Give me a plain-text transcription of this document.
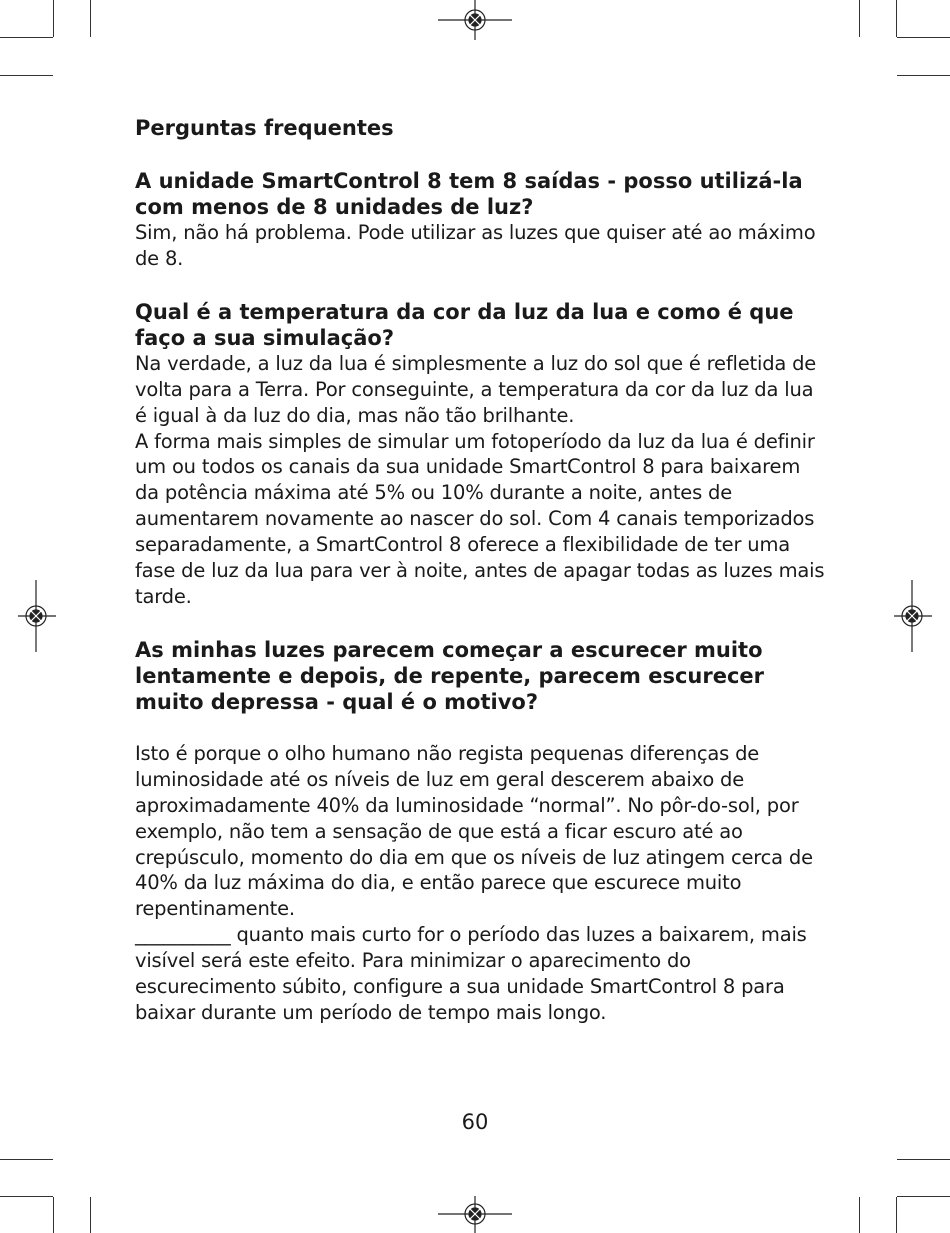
Perguntas frequentes
A unidade SmartControl 8 tem 8 saídas - posso utilizá-la com menos de 8 unidades de luz?

Sim, não há problema. Pode utilizar as luzes que quiser até ao máximo de 8.

Qual é a temperatura da cor da luz da lua e como é que faço a sua simulação?

Na verdade, a luz da lua é simplesmente a luz do sol que é refletida de volta para a Terra. Por conseguinte, a temperatura da cor da luz da lua é igual à da luz do dia, mas não tão brilhante.

A forma mais simples de simular um fotoperíodo da luz da lua é definir um ou todos os canais da sua unidade SmartControl 8 para baixarem da potência máxima até 5% ou 10% durante a noite, antes de aumentarem novamente ao nascer do sol. Com 4 canais temporizados separadamente, a SmartControl 8 oferece a flexibilidade de ter uma fase de luz da lua para ver à noite, antes de apagar todas as luzes mais tarde.

As minhas luzes parecem começar a escurecer muito lentamente e depois, de repente, parecem escurecer muito depressa - qual é o motivo?

Isto é porque o olho humano não regista pequenas diferenças de luminosidade até os níveis de luz em geral descerem abaixo de aproximadamente 40% da luminosidade “normal”. No pôr-do-sol, por exemplo, não tem a sensação de que está a ficar escuro até ao crepúsculo, momento do dia em que os níveis de luz atingem cerca de 40% da luz máxima do dia, e então parece que escurece muito repentinamente.

__________ quanto mais curto for o período das luzes a baixarem, mais visível será este efeito. Para minimizar o aparecimento do escurecimento súbito, configure a sua unidade SmartControl 8 para baixar durante um período de tempo mais longo.

60
